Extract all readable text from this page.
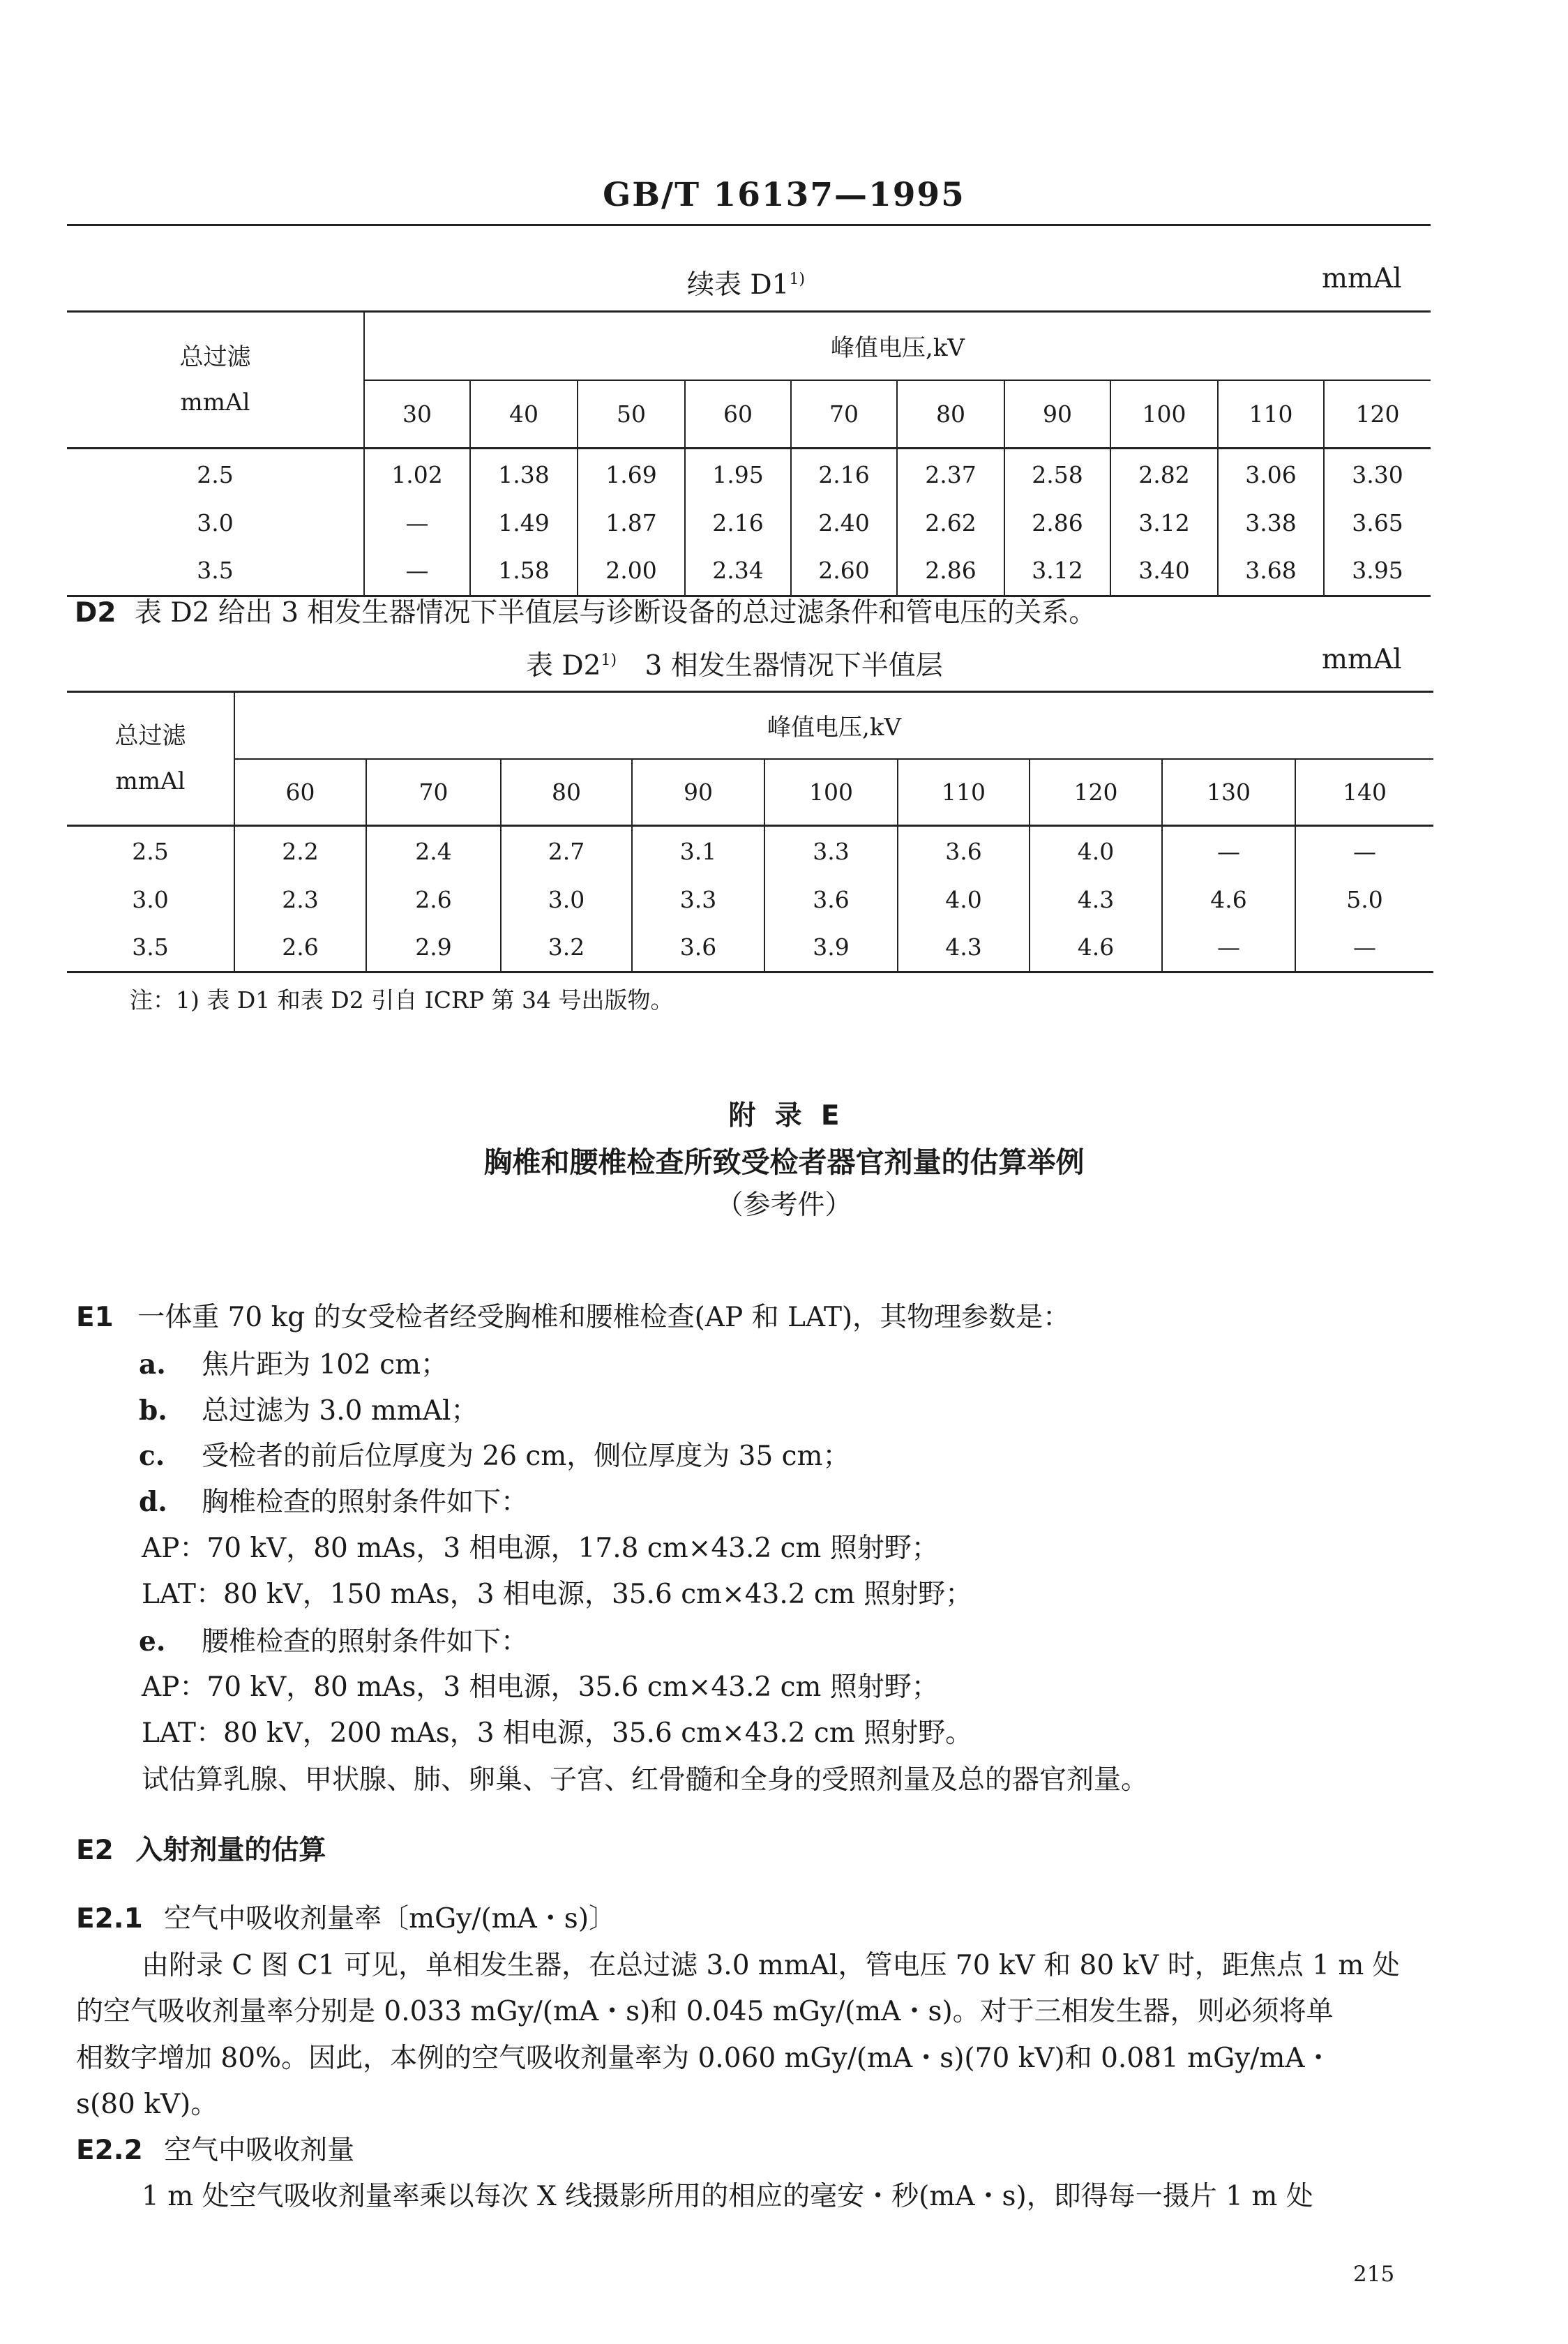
GB/T 16137—1995
续表 D1$^{1)}$	mmAl
总过滤
mmAl	峰值电压,kV									
	30	40	50	60	70	80	90	100	110	120
2.5	1.02	1.38	1.69	1.95	2.16	2.37	2.58	2.82	3.06	3.30
3.0	—	1.49	1.87	2.16	2.40	2.62	2.86	3.12	3.38	3.65
3.5	—	1.58	2.00	2.34	2.60	2.86	3.12	3.40	3.68	3.95
D2 表 D2 给出 3 相发生器情况下半值层与诊断设备的总过滤条件和管电压的关系。
表 D2$^{1)}$ 3 相发生器情况下半值层	mmAl
总过滤
mmAl	峰值电压,kV								
	60	70	80	90	100	110	120	130	140
2.5	2.2	2.4	2.7	3.1	3.3	3.6	4.0	—	—
3.0	2.3	2.6	3.0	3.3	3.6	4.0	4.3	4.6	5.0
3.5	2.6	2.9	3.2	3.6	3.9	4.3	4.6	—	—
注：1) 表 D1 和表 D2 引自 ICRP 第 34 号出版物。
附  录  E
胸椎和腰椎检查所致受检者器官剂量的估算举例
（参考件）
E1 一体重 70 kg 的女受检者经受胸椎和腰椎检查(AP 和 LAT)，其物理参数是：
a. 焦片距为 102 cm；
b. 总过滤为 3.0 mmAl；
c. 受检者的前后位厚度为 26 cm，侧位厚度为 35 cm；
d. 胸椎检查的照射条件如下：
AP：70 kV，80 mAs，3 相电源，17.8 cm×43.2 cm 照射野；
LAT：80 kV，150 mAs，3 相电源，35.6 cm×43.2 cm 照射野；
e. 腰椎检查的照射条件如下：
AP：70 kV，80 mAs，3 相电源，35.6 cm×43.2 cm 照射野；
LAT：80 kV，200 mAs，3 相电源，35.6 cm×43.2 cm 照射野。
试估算乳腺、甲状腺、肺、卵巢、子宫、红骨髓和全身的受照剂量及总的器官剂量。
E2 入射剂量的估算
E2.1 空气中吸收剂量率〔mGy/(mA・s)〕
由附录 C 图 C1 可见，单相发生器，在总过滤 3.0 mmAl，管电压 70 kV 和 80 kV 时，距焦点 1 m 处
的空气吸收剂量率分别是 0.033 mGy/(mA・s)和 0.045 mGy/(mA・s)。对于三相发生器，则必须将单
相数字增加 80%。因此，本例的空气吸收剂量率为 0.060 mGy/(mA・s)(70 kV)和 0.081 mGy/mA・
s(80 kV)。
E2.2 空气中吸收剂量
1 m 处空气吸收剂量率乘以每次 X 线摄影所用的相应的毫安・秒(mA・s)，即得每一摄片 1 m 处
215
